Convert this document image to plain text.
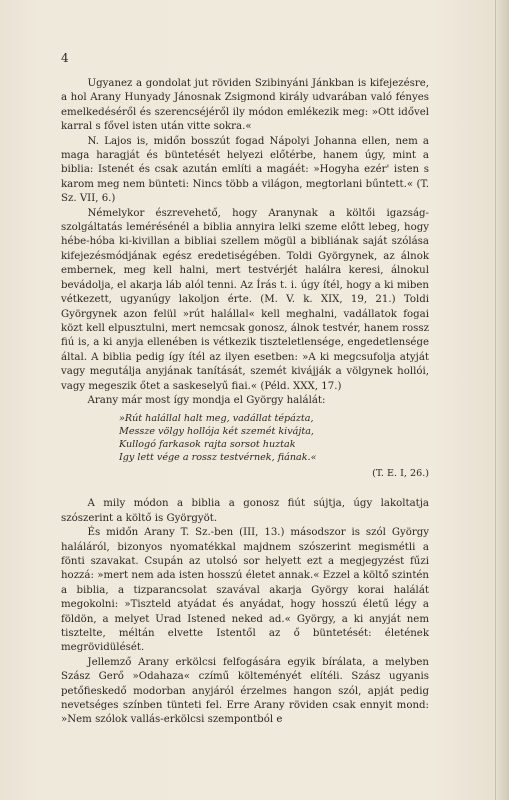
4

Ugyanez a gondolat jut röviden Szibinyáni Jánkban is kifejezésre, a hol Arany Hunyady Jánosnak Zsigmond király udvarában való fényes emelkedéséről és szerencséjéről ily módon emlékezik meg: »Ott idővel karral s fővel isten után vitte sokra.«

N. Lajos is, midőn bosszút fogad Nápolyi Johanna ellen, nem a maga haragját és büntetését helyezi előtérbe, hanem úgy, mint a biblia: Istenét és csak azután említi a magáét: »Hogyha ezér' isten s karom meg nem bünteti: Nincs több a világon, megtorlani bűntett.« (T. Sz. VII, 6.)

Némelykor észrevehető, hogy Aranynak a költői igazság-szolgáltatás lemérésénél a biblia annyira lelki szeme előtt lebeg, hogy hébe-hóba ki-kivillan a bibliai szellem mögül a bibliának saját szólása kifejezésmódjának egész eredetiségében. Toldi Györgynek, az álnok embernek, meg kell halni, mert testvérjét halálra keresi, álnokul bevádolja, el akarja láb alól tenni. Az Írás t. i. úgy ítél, hogy a ki miben vétkezett, ugyanúgy lakoljon érte. (M. V. k. XIX, 19, 21.) Toldi Györgynek azon felül »rút halállal« kell meghalni, vadállatok fogai közt kell elpusztulni, mert nemcsak gonosz, álnok testvér, hanem rossz fiú is, a ki anyja ellenében is vétkezik tiszteletlensége, engedetlensége által. A biblia pedig így ítél az ilyen esetben: »A ki megcsufolja atyját vagy megutálja anyjának tanítását, szemét kivájják a völgynek hollói, vagy megeszik őtet a saskeselyű fiai.« (Péld. XXX, 17.)

Arany már most így mondja el György halálát:

»Rút halállal halt meg, vadállat tépázta,
Messze völgy hollója két szemét kivájta,
Kullogó farkasok rajta sorsot huztak
Igy lett vége a rossz testvérnek, fiának.«
(T. E. I, 26.)

A mily módon a biblia a gonosz fiút sújtja, úgy lakoltatja szószerint a költő is Györgyöt.

És midőn Arany T. Sz.-ben (III, 13.) másodszor is szól György haláláról, bizonyos nyomatékkal majdnem szószerint megismétli a fönti szavakat. Csupán az utolsó sor helyett ezt a megjegyzést fűzi hozzá: »mert nem ada isten hosszú életet annak.« Ezzel a költő szintén a biblia, a tizparancsolat szavával akarja György korai halálát megokolni: »Tiszteld atyádat és anyádat, hogy hosszú életű légy a földön, a melyet Urad Istened neked ad.« György, a ki anyját nem tisztelte, méltán elvette Istentől az ő büntetését: életének megrövidülését.

Jellemző Arany erkölcsi felfogására egyik bírálata, a melyben Szász Gerő »Odahaza« czímű költeményét elítéli. Szász ugyanis petőfieskedő modorban anyjáról érzelmes hangon szól, apját pedig nevetséges színben tünteti fel. Erre Arany röviden csak ennyit mond: »Nem szólok vallás-erkölcsi szempontból e
